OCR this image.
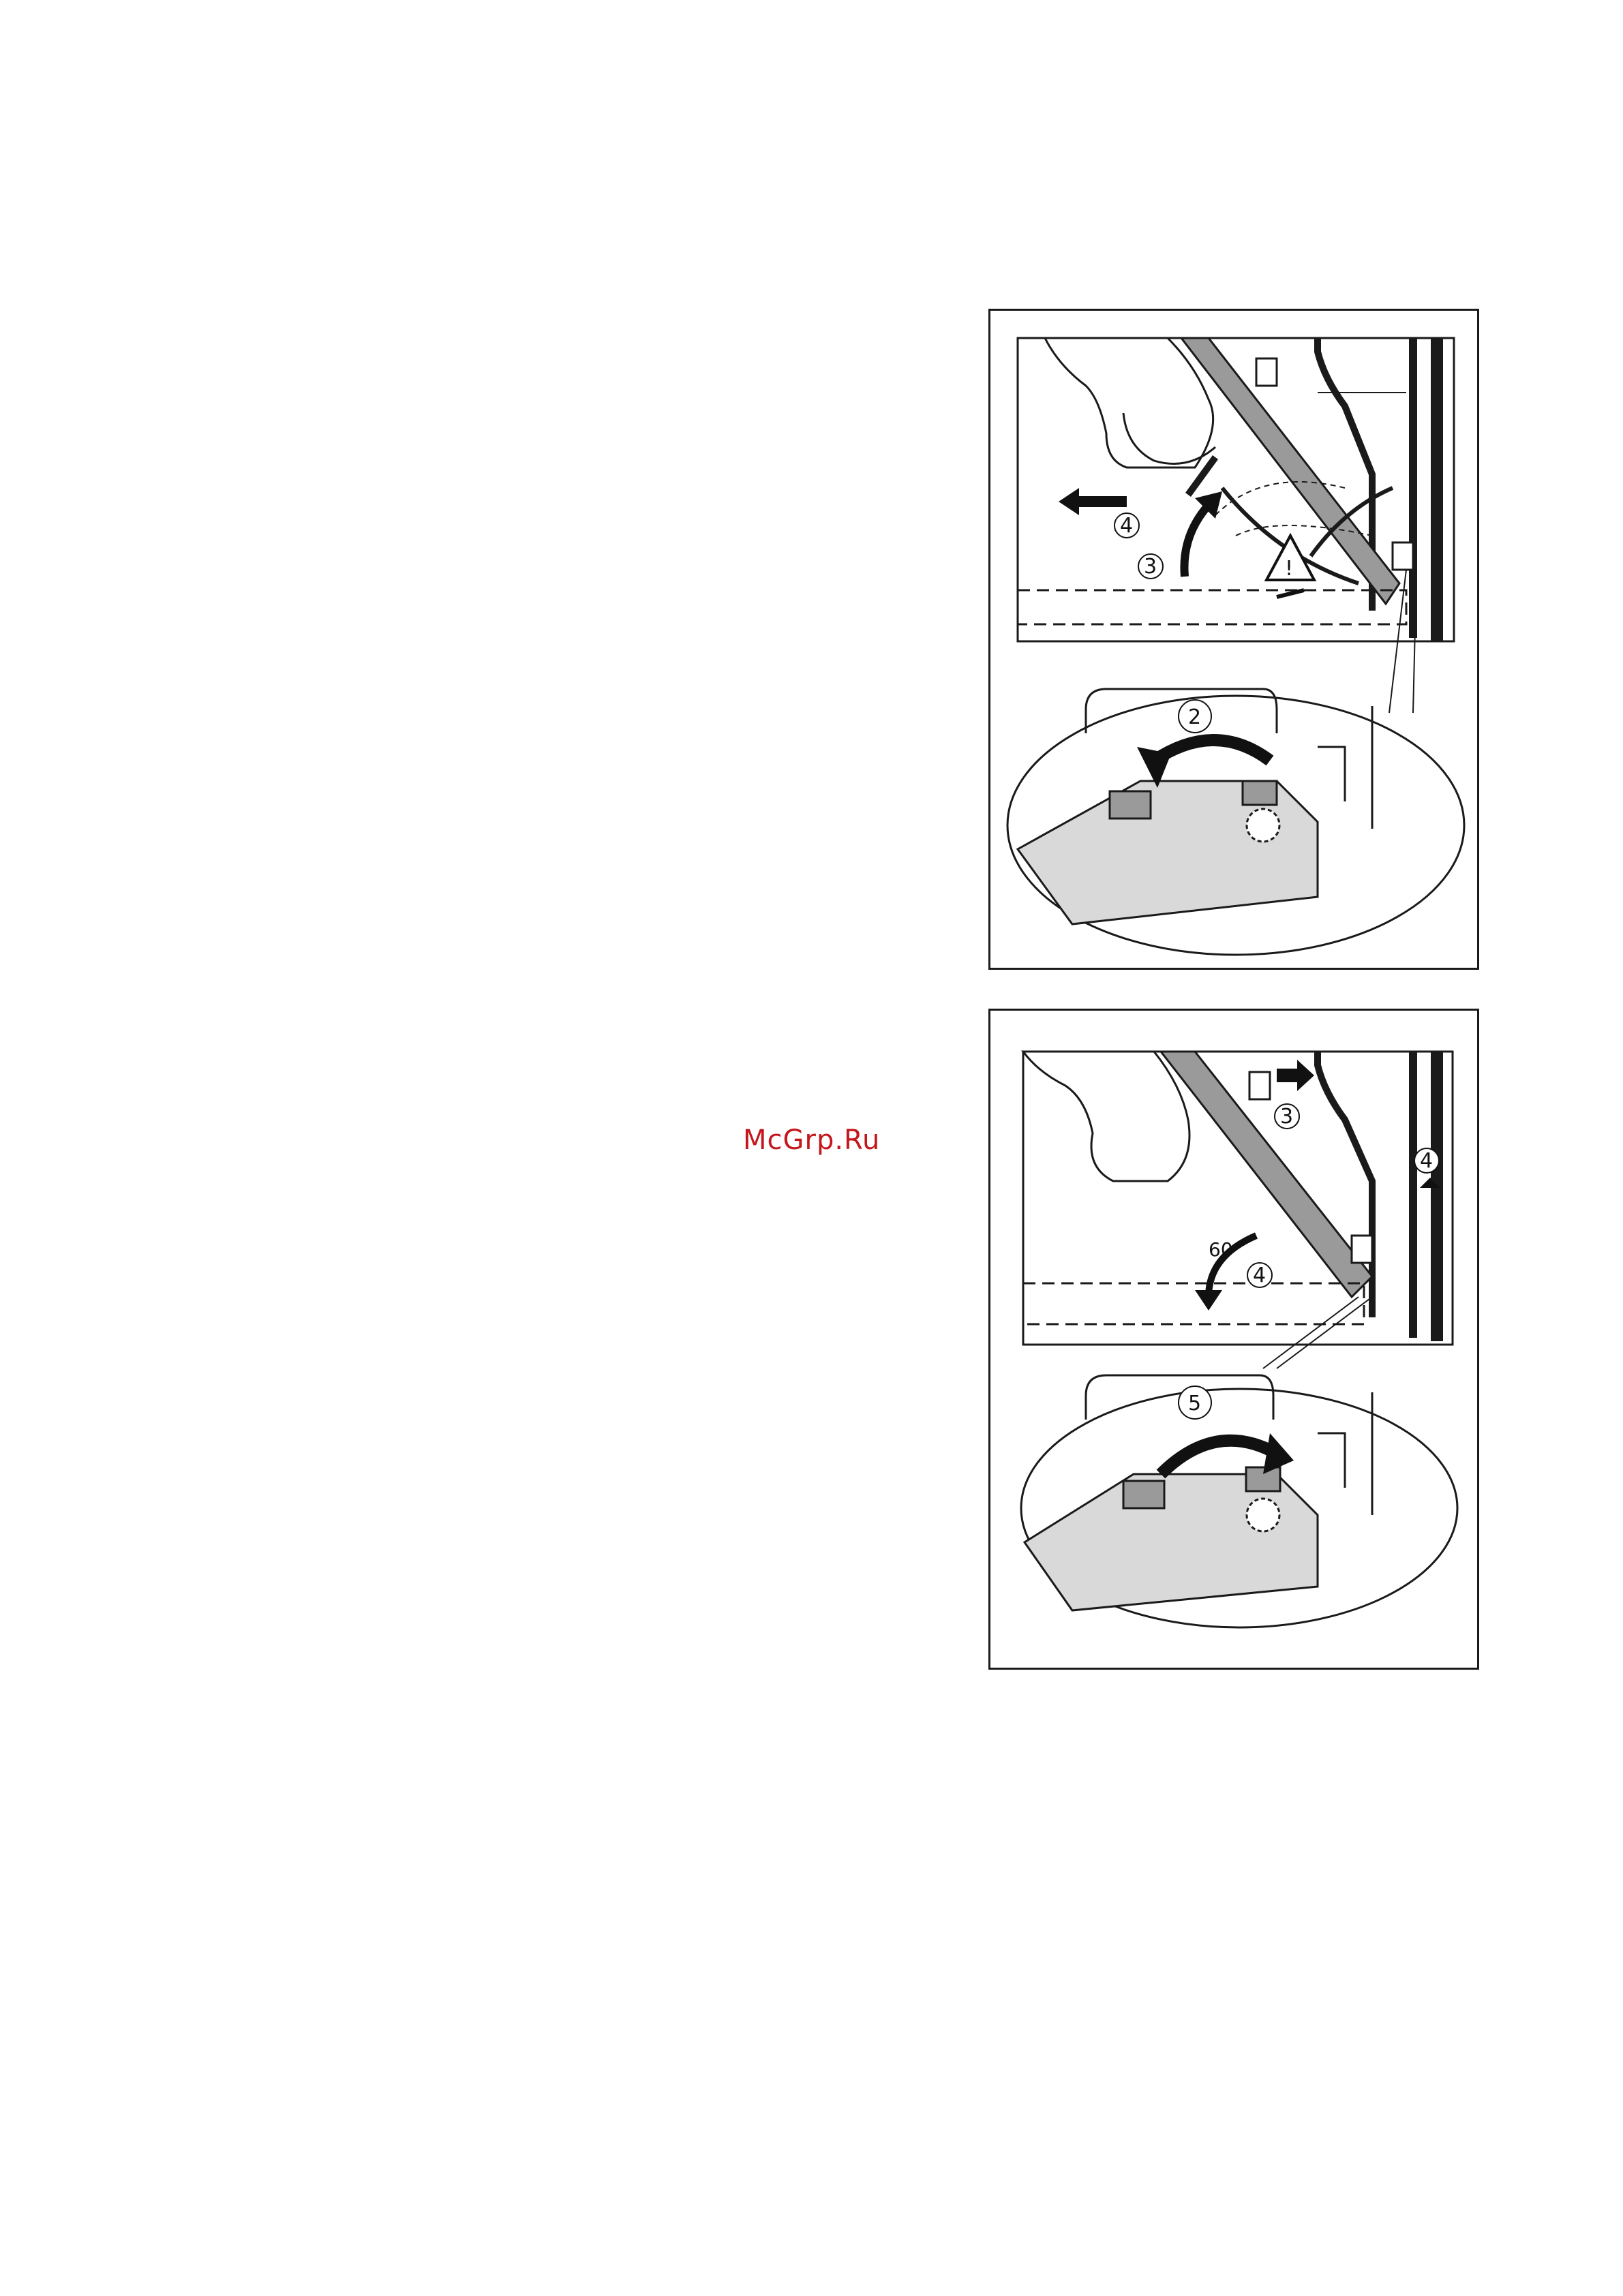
4
3	!
2
3
4
60°
4
5
McGrp.Ru
